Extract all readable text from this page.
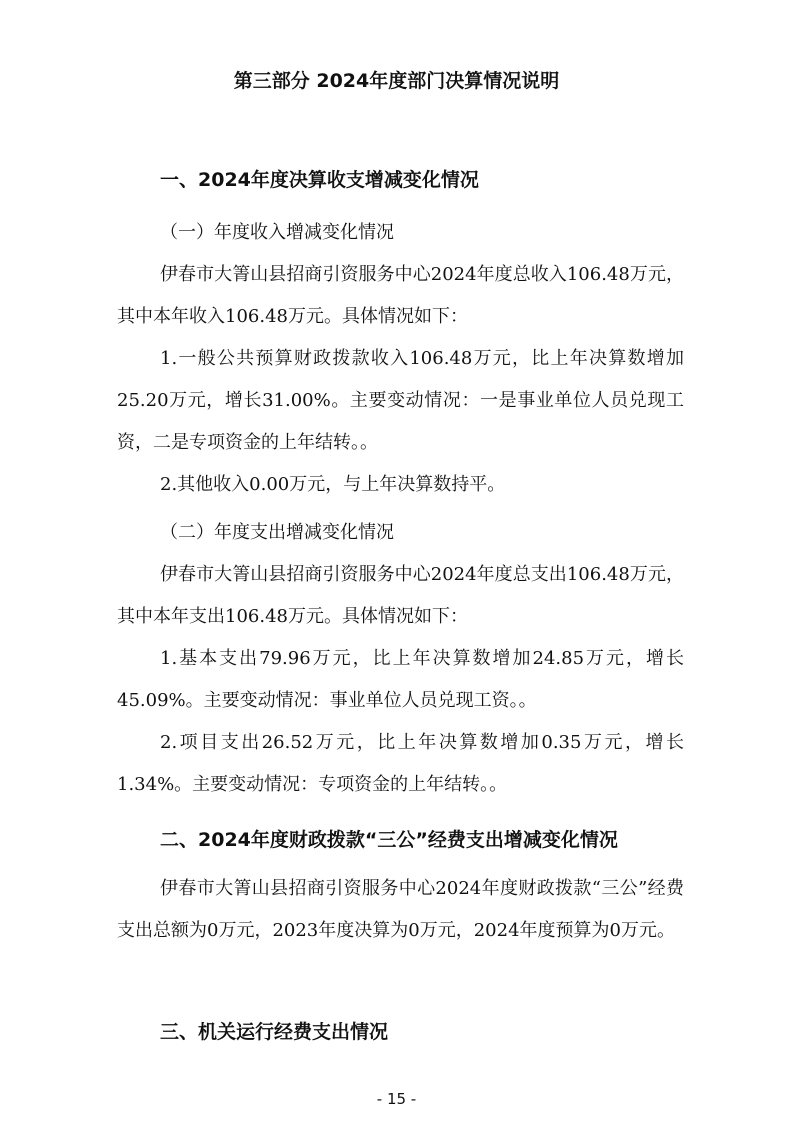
第三部分 2024年度部门决算情况说明
一、2024年度决算收支增减变化情况
（一）年度收入增减变化情况

伊春市大箐山县招商引资服务中心2024年度总收入106.48万元，其中本年收入106.48万元。具体情况如下：

1.一般公共预算财政拨款收入106.48万元，比上年决算数增加25.20万元，增长31.00%。主要变动情况：一是事业单位人员兑现工资，二是专项资金的上年结转。。

2.其他收入0.00万元，与上年决算数持平。

（二）年度支出增减变化情况

伊春市大箐山县招商引资服务中心2024年度总支出106.48万元，其中本年支出106.48万元。具体情况如下：

1.基本支出79.96万元，比上年决算数增加24.85万元，增长45.09%。主要变动情况：事业单位人员兑现工资。。

2.项目支出26.52万元，比上年决算数增加0.35万元，增长1.34%。主要变动情况：专项资金的上年结转。。

二、2024年度财政拨款“三公”经费支出增减变化情况

伊春市大箐山县招商引资服务中心2024年度财政拨款“三公”经费支出总额为0万元，2023年度决算为0万元，2024年度预算为0万元。

三、机关运行经费支出情况
- 15 -
